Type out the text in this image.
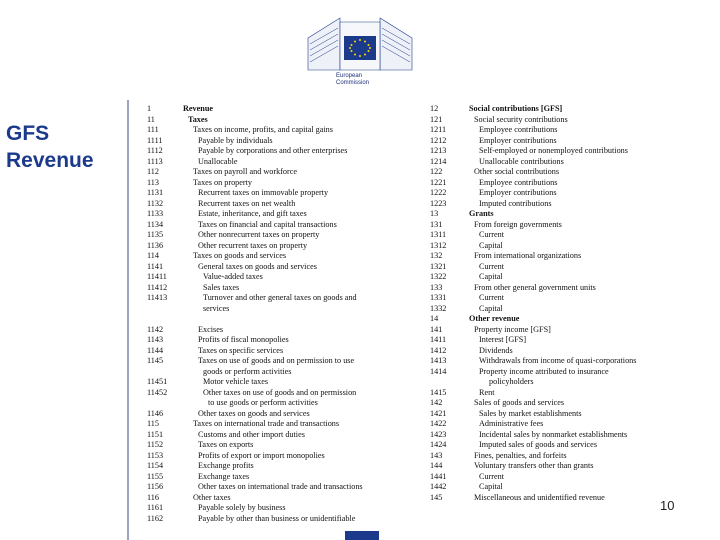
European
Commission
GFS Revenue
1	Revenue
11	Taxes
111	Taxes on income, profits, and capital gains
1111	Payable by individuals
1112	Payable by corporations and other enterprises
1113	Unallocable
112	Taxes on payroll and workforce
113	Taxes on property
1131	Recurrent taxes on immovable property
1132	Recurrent taxes on net wealth
1133	Estate, inheritance, and gift taxes
1134	Taxes on financial and capital transactions
1135	Other nonrecurrent taxes on property
1136	Other recurrent taxes on property
114	Taxes on goods and services
1141	General taxes on goods and services
11411	Value-added taxes
11412	Sales taxes
11413	Turnover and other general taxes on goods and
services
1142	Excises
1143	Profits of fiscal monopolies
1144	Taxes on specific services
1145	Taxes on use of goods and on permission to use
goods or perform activities
11451	Motor vehicle taxes
11452	Other taxes on use of goods and on permission
to use goods or perform activities
1146	Other taxes on goods and services
115	Taxes on international trade and transactions
1151	Customs and other import duties
1152	Taxes on exports
1153	Profits of export or import monopolies
1154	Exchange profits
1155	Exchange taxes
1156	Other taxes on international trade and transactions
116	Other taxes
1161	Payable solely by business
1162	Payable by other than business or unidentifiable
12	Social contributions [GFS]
121	Social security contributions
1211	Employee contributions
1212	Employer contributions
1213	Self-employed or nonemployed contributions
1214	Unallocable contributions
122	Other social contributions
1221	Employee contributions
1222	Employer contributions
1223	Imputed contributions
13	Grants
131	From foreign governments
1311	Current
1312	Capital
132	From international organizations
1321	Current
1322	Capital
133	From other general government units
1331	Current
1332	Capital
14	Other revenue
141	Property income [GFS]
1411	Interest [GFS]
1412	Dividends
1413	Withdrawals from income of quasi-corporations
1414	Property income attributed to insurance
policyholders
1415	Rent
142	Sales of goods and services
1421	Sales by market establishments
1422	Administrative fees
1423	Incidental sales by nonmarket establishments
1424	Imputed sales of goods and services
143	Fines, penalties, and forfeits
144	Voluntary transfers other than grants
1441	Current
1442	Capital
145	Miscellaneous and unidentified revenue
10
